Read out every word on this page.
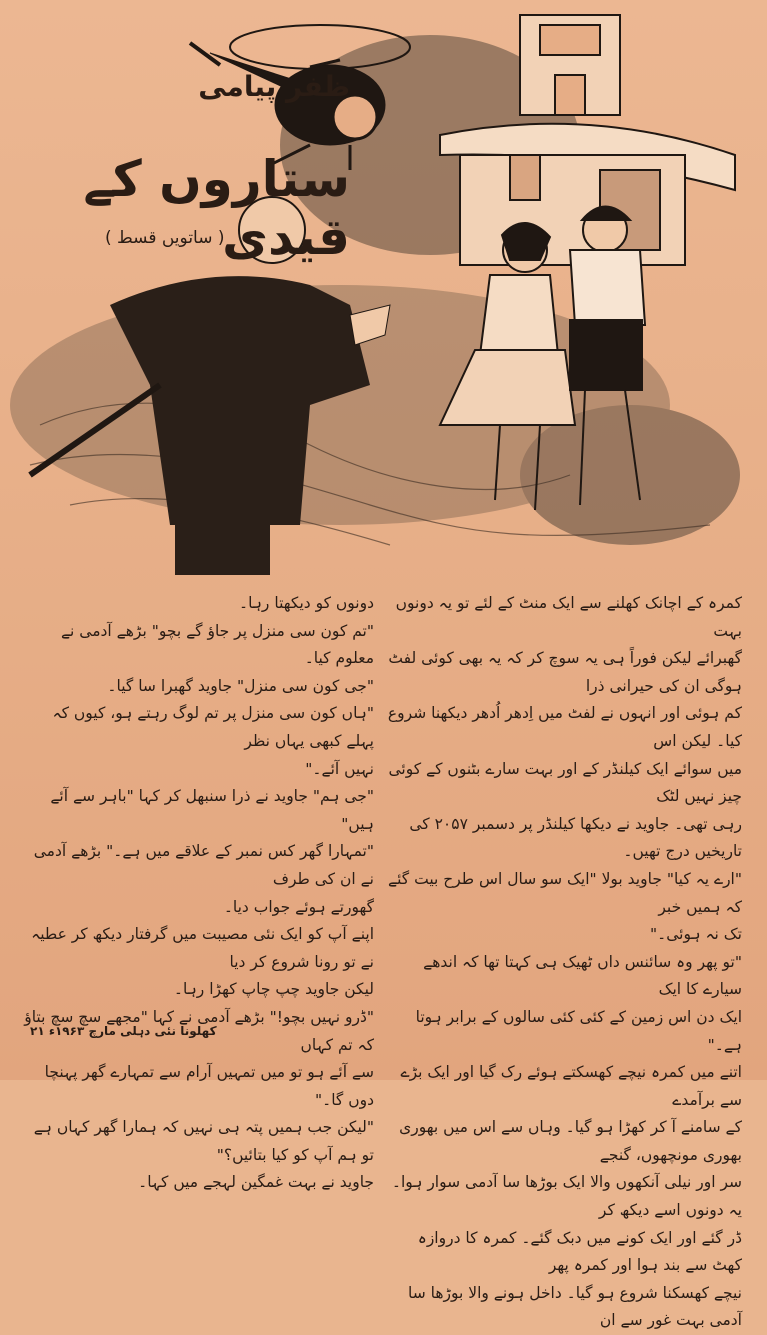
ظفر پیامی
ستاروں کے قیدی
( ساتویں قسط )

کمرہ کے اچانک کھلنے سے ایک منٹ کے لئے تو یہ دونوں بہت

گھبرائے لیکن فوراً ہی یہ سوچ کر کہ یہ بھی کوئی لفٹ ہوگی ان کی حیرانی ذرا

کم ہوئی اور انہوں نے لفٹ میں اِدھر اُدھر دیکھنا شروع کیا۔ لیکن اس

میں سوائے ایک کیلنڈر کے اور بہت سارے بٹنوں کے کوئی چیز نہیں لٹک

رہی تھی۔ جاوید نے دیکھا کیلنڈر پر دسمبر ۲۰۵۷ کی تاریخیں درج تھیں۔

"ارے یہ کیا" جاوید بولا "ایک سو سال اس طرح بیت گئے کہ ہمیں خبر

تک نہ ہوئی۔"

"تو پھر وہ سائنس داں ٹھیک ہی کہتا تھا کہ اندھے سیارے کا ایک

ایک دن اس زمین کے کئی کئی سالوں کے برابر ہوتا ہے۔"

اتنے میں کمرہ نیچے کھسکتے ہوئے رک گیا اور ایک بڑے سے برآمدے

کے سامنے آ کر کھڑا ہو گیا۔ وہاں سے اس میں بھوری بھوری مونچھوں، گنجے

سر اور نیلی آنکھوں والا ایک بوڑھا سا آدمی سوار ہوا۔ یہ دونوں اسے دیکھ کر

ڈر گئے اور ایک کونے میں دبک گئے۔ کمرہ کا دروازہ کھٹ سے بند ہوا اور کمرہ پھر

نیچے کھسکنا شروع ہو گیا۔ داخل ہونے والا بوڑھا سا آدمی بہت غور سے ان

دونوں کو دیکھتا رہا۔

"تم کون سی منزل پر جاؤ گے بچو" بڑھے آدمی نے معلوم کیا۔

"جی کون سی منزل" جاوید گھبرا سا گیا۔

"ہاں کون سی منزل پر تم لوگ رہتے ہو، کیوں کہ پہلے کبھی یہاں نظر

نہیں آئے۔"

"جی ہم" جاوید نے ذرا سنبھل کر کہا "باہر سے آئے ہیں"

"تمہارا گھر کس نمبر کے علاقے میں ہے۔" بڑھے آدمی نے ان کی طرف

گھورتے ہوئے جواب دیا۔

اپنے آپ کو ایک نئی مصیبت میں گرفتار دیکھ کر عطیہ نے تو رونا شروع کر دیا

لیکن جاوید چپ چاپ کھڑا رہا۔

"ڈرو نہیں بچو!" بڑھے آدمی نے کہا "مجھے سچ سچ بتاؤ کہ تم کہاں

سے آئے ہو تو میں تمہیں آرام سے تمہارے گھر پہنچا دوں گا۔"

"لیکن جب ہمیں پتہ ہی نہیں کہ ہمارا گھر کہاں ہے تو ہم آپ کو کیا بتائیں؟"

جاوید نے بہت غمگین لہجے میں کہا۔

کھلونا نئی دہلی مارچ ۱۹۶۳ء ۲۱
